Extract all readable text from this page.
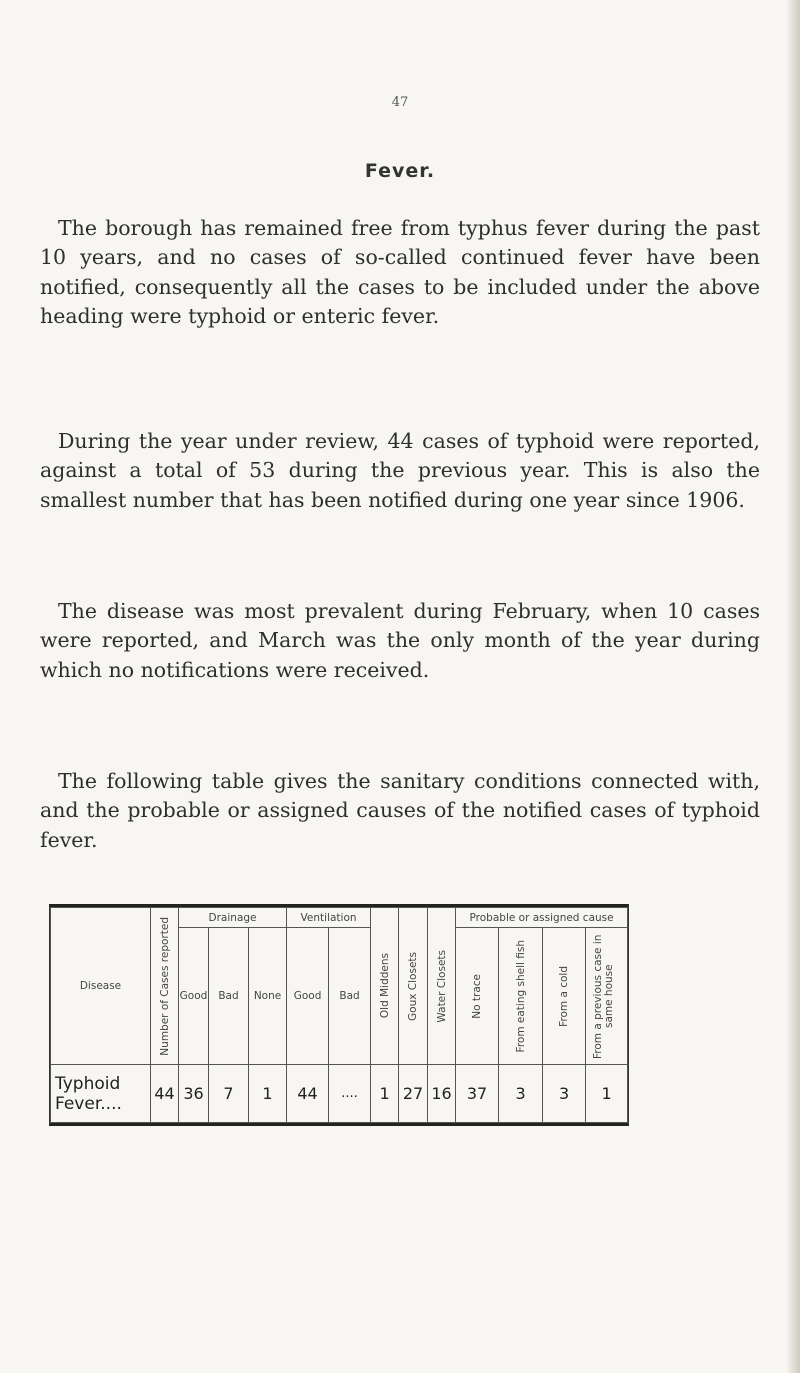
47
Fever.

The borough has remained free from typhus fever during the past 10 years, and no cases of so-called continued fever have been notified, consequently all the cases to be included under the above heading were typhoid or enteric fever.

During the year under review, 44 cases of typhoid were reported, against a total of 53 during the previous year. This is also the smallest number that has been notified during one year since 1906.

The disease was most prevalent during February, when 10 cases were reported, and March was the only month of the year during which no notifications were received.

The following table gives the sanitary conditions connected with, and the probable or assigned causes of the notified cases of typhoid fever.

Disease	Number of Cases reported	Drainage			Ventilation		Old Middens	Goux Closets	Water Closets	Probable or assigned cause			
		Good	Bad	None	Good	Bad				No trace	From eating shell fish	From a cold	From a previous case in same house

Typhoid
Fever....	44	36	7	1	44	....	1	27	16	37	3	3	1
